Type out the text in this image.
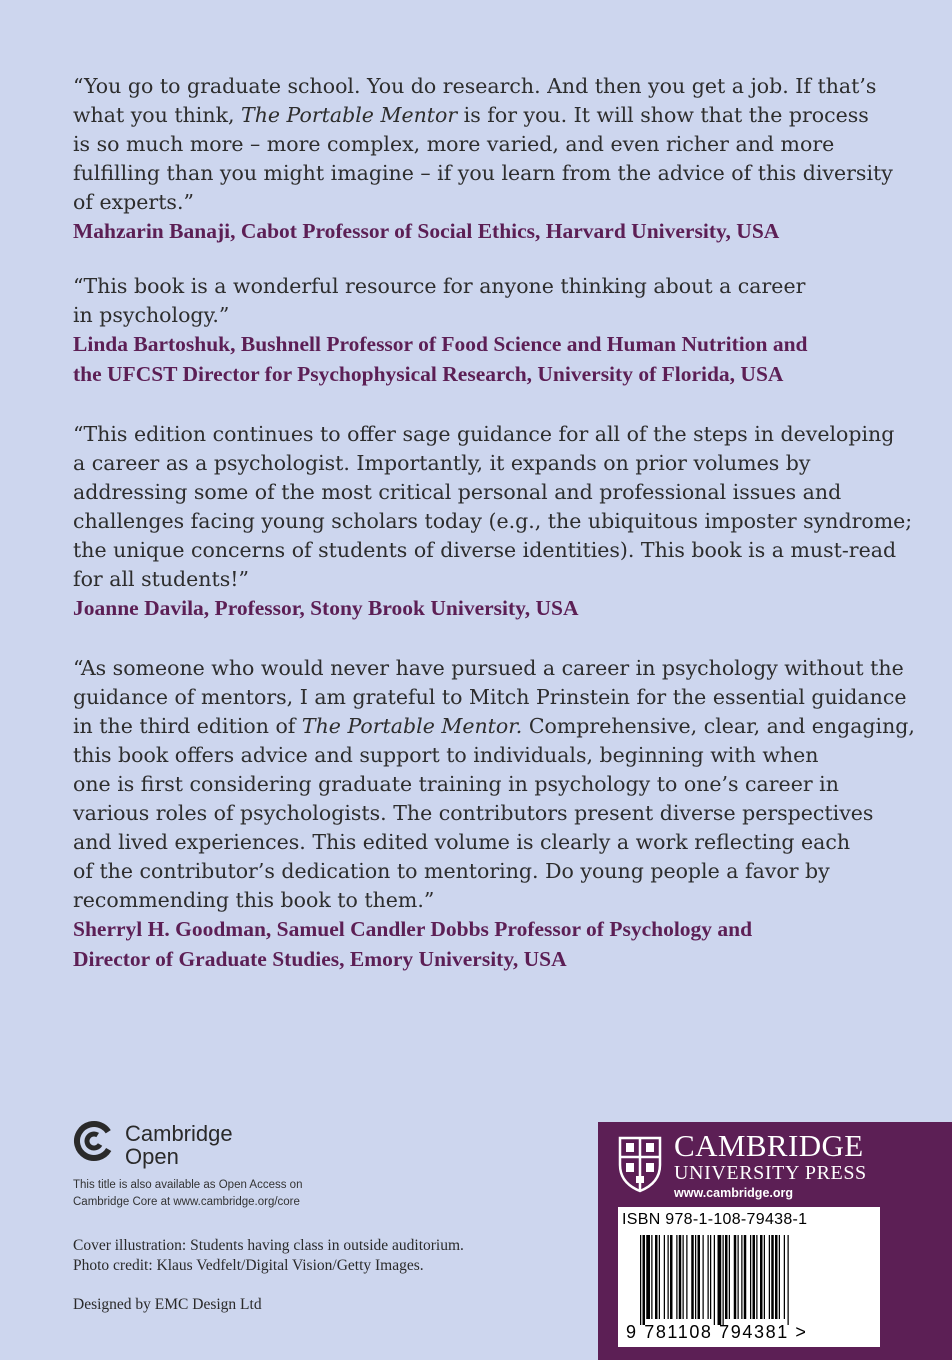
“You go to graduate school. You do research. And then you get a job. If that’s
what you think, The Portable Mentor is for you. It will show that the process
is so much more – more complex, more varied, and even richer and more
fulfilling than you might imagine – if you learn from the advice of this diversity
of experts.”
Mahzarin Banaji, Cabot Professor of Social Ethics, Harvard University, USA
“This book is a wonderful resource for anyone thinking about a career
in psychology.”
Linda Bartoshuk, Bushnell Professor of Food Science and Human Nutrition and
the UFCST Director for Psychophysical Research, University of Florida, USA
“This edition continues to offer sage guidance for all of the steps in developing
a career as a psychologist. Importantly, it expands on prior volumes by
addressing some of the most critical personal and professional issues and
challenges facing young scholars today (e.g., the ubiquitous imposter syndrome;
the unique concerns of students of diverse identities). This book is a must-read
for all students!”
Joanne Davila, Professor, Stony Brook University, USA
“As someone who would never have pursued a career in psychology without the
guidance of mentors, I am grateful to Mitch Prinstein for the essential guidance
in the third edition of The Portable Mentor. Comprehensive, clear, and engaging,
this book offers advice and support to individuals, beginning with when
one is first considering graduate training in psychology to one’s career in
various roles of psychologists. The contributors present diverse perspectives
and lived experiences. This edited volume is clearly a work reflecting each
of the contributor’s dedication to mentoring. Do young people a favor by
recommending this book to them.”
Sherryl H. Goodman, Samuel Candler Dobbs Professor of Psychology and
Director of Graduate Studies, Emory University, USA
Cambridge
Open
This title is also available as Open Access on
Cambridge Core at www.cambridge.org/core
Cover illustration: Students having class in outside auditorium.
Photo credit: Klaus Vedfelt/Digital Vision/Getty Images.
Designed by EMC Design Ltd
CAMBRIDGE
UNIVERSITY PRESS
www.cambridge.org
ISBN 978-1-108-79438-1
9 781108 794381 >
